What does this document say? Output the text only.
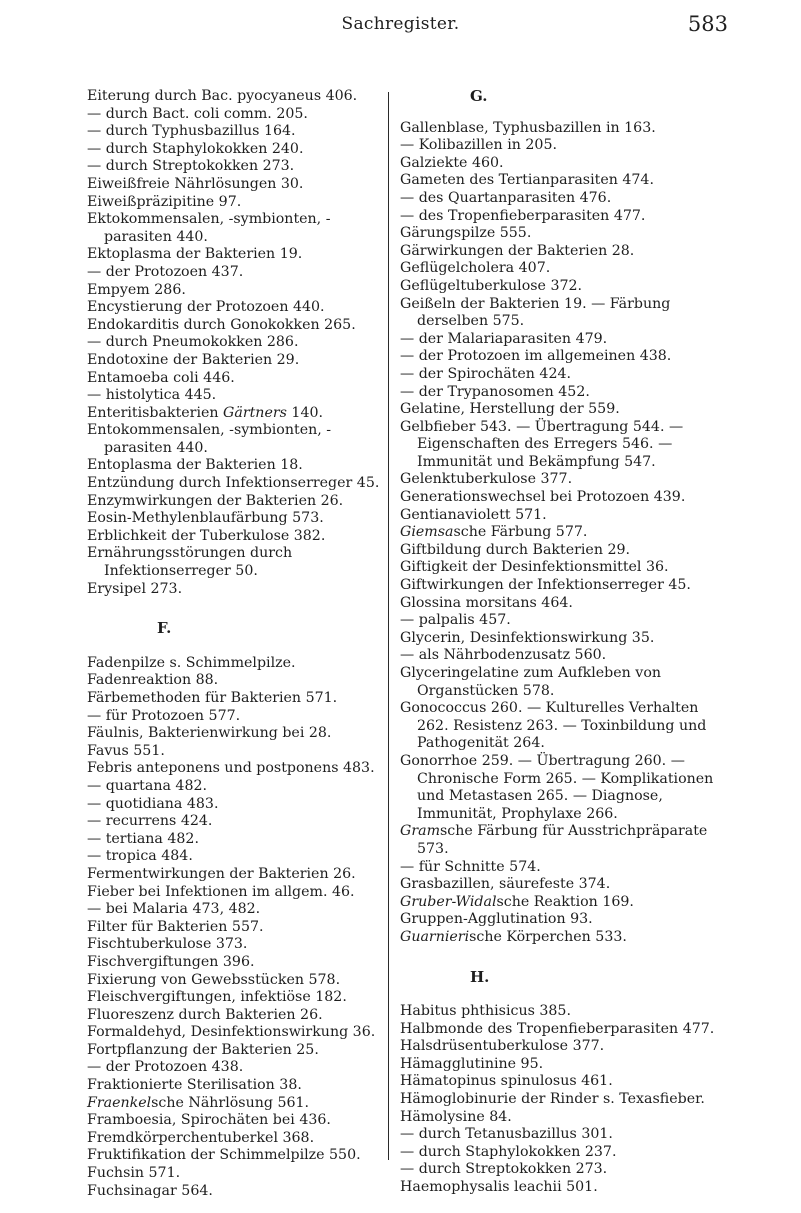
Sachregister.	583
Eiterung durch Bac. pyocyaneus 406.
— durch Bact. coli comm. 205.
— durch Typhusbazillus 164.
— durch Staphylokokken 240.
— durch Streptokokken 273.
Eiweißfreie Nährlösungen 30.
Eiweißpräzipitine 97.
Ektokommensalen, -symbionten, -parasiten 440.
Ektoplasma der Bakterien 19.
— der Protozoen 437.
Empyem 286.
Encystierung der Protozoen 440.
Endokarditis durch Gonokokken 265.
— durch Pneumokokken 286.
Endotoxine der Bakterien 29.
Entamoeba coli 446.
— histolytica 445.
Enteritisbakterien Gärtners 140.
Entokommensalen, -symbionten, -parasiten 440.
Entoplasma der Bakterien 18.
Entzündung durch Infektionserreger 45.
Enzymwirkungen der Bakterien 26.
Eosin-Methylenblaufärbung 573.
Erblichkeit der Tuberkulose 382.
Ernährungsstörungen durch Infektionserreger 50.
Erysipel 273.
F.
Fadenpilze s. Schimmelpilze.
Fadenreaktion 88.
Färbemethoden für Bakterien 571.
— für Protozoen 577.
Fäulnis, Bakterienwirkung bei 28.
Favus 551.
Febris anteponens und postponens 483.
— quartana 482.
— quotidiana 483.
— recurrens 424.
— tertiana 482.
— tropica 484.
Fermentwirkungen der Bakterien 26.
Fieber bei Infektionen im allgem. 46.
— bei Malaria 473, 482.
Filter für Bakterien 557.
Fischtuberkulose 373.
Fischvergiftungen 396.
Fixierung von Gewebsstücken 578.
Fleischvergiftungen, infektiöse 182.
Fluoreszenz durch Bakterien 26.
Formaldehyd, Desinfektionswirkung 36.
Fortpflanzung der Bakterien 25.
— der Protozoen 438.
Fraktionierte Sterilisation 38.
Fraenkelsche Nährlösung 561.
Framboesia, Spirochäten bei 436.
Fremdkörperchentuberkel 368.
Fruktifikation der Schimmelpilze 550.
Fuchsin 571.
Fuchsinagar 564.
G.
Gallenblase, Typhusbazillen in 163.
— Kolibazillen in 205.
Galziekte 460.
Gameten des Tertianparasiten 474.
— des Quartanparasiten 476.
— des Tropenfieberparasiten 477.
Gärungspilze 555.
Gärwirkungen der Bakterien 28.
Geflügelcholera 407.
Geflügeltuberkulose 372.
Geißeln der Bakterien 19. — Färbung derselben 575.
— der Malariaparasiten 479.
— der Protozoen im allgemeinen 438.
— der Spirochäten 424.
— der Trypanosomen 452.
Gelatine, Herstellung der 559.
Gelbfieber 543. — Übertragung 544. — Eigenschaften des Erregers 546. — Immunität und Bekämpfung 547.
Gelenktuberkulose 377.
Generationswechsel bei Protozoen 439.
Gentianaviolett 571.
Giemsasche Färbung 577.
Giftbildung durch Bakterien 29.
Giftigkeit der Desinfektionsmittel 36.
Giftwirkungen der Infektionserreger 45.
Glossina morsitans 464.
— palpalis 457.
Glycerin, Desinfektionswirkung 35.
— als Nährbodenzusatz 560.
Glyceringelatine zum Aufkleben von Organstücken 578.
Gonococcus 260. — Kulturelles Verhalten 262. Resistenz 263. — Toxinbildung und Pathogenität 264.
Gonorrhoe 259. — Übertragung 260. — Chronische Form 265. — Komplikationen und Metastasen 265. — Diagnose, Immunität, Prophylaxe 266.
Gramsche Färbung für Ausstrichpräparate 573.
— für Schnitte 574.
Grasbazillen, säurefeste 374.
Gruber-Widalsche Reaktion 169.
Gruppen-Agglutination 93.
Guarnierische Körperchen 533.
H.
Habitus phthisicus 385.
Halbmonde des Tropenfieberparasiten 477.
Halsdrüsentuberkulose 377.
Hämagglutinine 95.
Hämatopinus spinulosus 461.
Hämoglobinurie der Rinder s. Texasfieber.
Hämolysine 84.
— durch Tetanusbazillus 301.
— durch Staphylokokken 237.
— durch Streptokokken 273.
Haemophysalis leachii 501.
